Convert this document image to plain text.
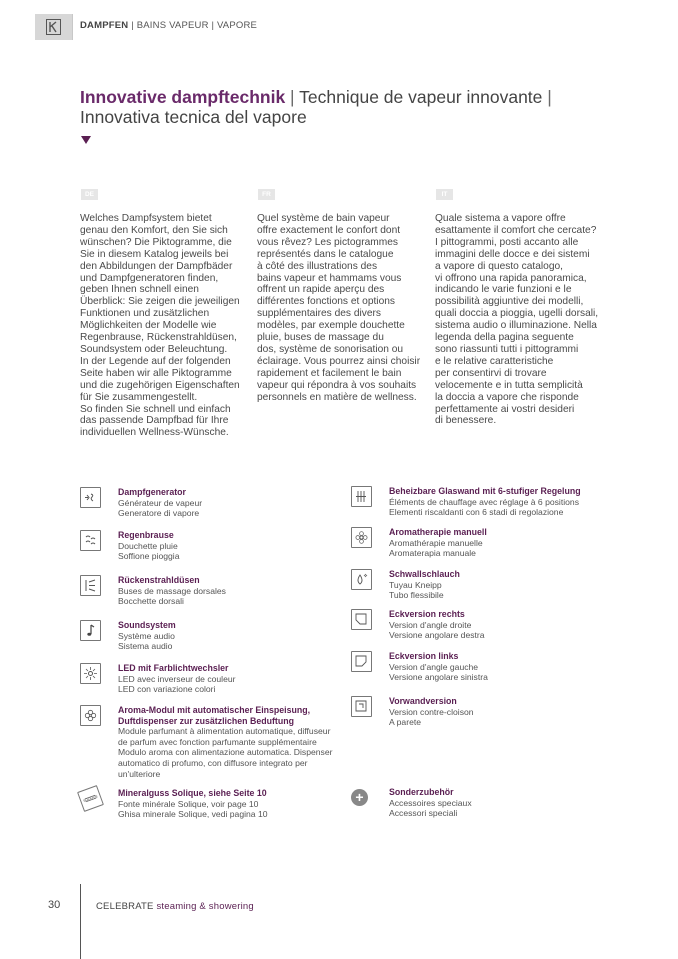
DAMPFEN | BAINS VAPEUR | VAPORE
Innovative dampftechnik | Technique de vapeur innovante |
Innovativa tecnica del vapore
DE	FR	IT

Welches Dampfsystem bietet

genau den Komfort, den Sie sich

wünschen? Die Piktogramme, die

Sie in diesem Katalog jeweils bei

den Abbildungen der Dampfbäder

und Dampfgeneratoren finden,

geben Ihnen schnell einen

Überblick: Sie zeigen die jeweiligen

Funktionen und zusätzlichen

Möglichkeiten der Modelle wie

Regenbrause, Rückenstrahldüsen,

Soundsystem oder Beleuchtung.

In der Legende auf der folgenden

Seite haben wir alle Piktogramme

und die zugehörigen Eigenschaften

für Sie zusammengestellt.

So finden Sie schnell und einfach

das passende Dampfbad für Ihre

individuellen Wellness-Wünsche.

Quel système de bain vapeur

offre exactement le confort dont

vous rêvez? Les pictogrammes

représentés dans le catalogue

à côté des illustrations des

bains vapeur et hammams vous

offrent un rapide aperçu des

différentes fonctions et options

supplémentaires des divers

modèles, par exemple douchette

pluie, buses de massage du

dos, système de sonorisation ou

éclairage. Vous pourrez ainsi choisir

rapidement et facilement le bain

vapeur qui répondra à vos souhaits

personnels en matière de wellness.

Quale sistema a vapore offre

esattamente il comfort che cercate?

I pittogrammi, posti accanto alle

immagini delle docce e dei sistemi

a vapore di questo catalogo,

vi offrono una rapida panoramica,

indicando le varie funzioni e le

possibilità aggiuntive dei modelli,

quali doccia a pioggia, ugelli dorsali,

sistema audio o illuminazione. Nella

legenda della pagina seguente

sono riassunti tutti i pittogrammi

e le relative caratteristiche

per consentirvi di trovare

velocemente e in tutta semplicità

la doccia a vapore che risponde

perfettamente ai vostri desideri

di benessere.

Dampfgenerator
Générateur de vapeur
Generatore di vapore
Regenbrause
Douchette pluie
Soffione pioggia
Rückenstrahldüsen
Buses de massage dorsales
Bocchette dorsali
Soundsystem
Système audio
Sistema audio
LED mit Farblichtwechsler
LED avec inverseur de couleur
LED con variazione colori
Aroma-Modul mit automatischer Einspeisung,
Duftdispenser zur zusätzlichen Beduftung
Module parfumant à alimentation automatique, diffuseur
de parfum avec fonction parfumante supplémentaire
Modulo aroma con alimentazione automatica. Dispenser
automatico di profumo, con diffusore integrato per
un'ulteriore
SOLIQUE
Mineralguss Solique, siehe Seite 10
Fonte minérale Solique, voir page 10
Ghisa minerale Solique, vedi pagina 10
Beheizbare Glaswand mit 6-stufiger Regelung
Éléments de chauffage avec réglage à 6 positions
Elementi riscaldanti con 6 stadi di regolazione
Aromatherapie manuell
Aromathérapie manuelle
Aromaterapia manuale
Schwallschlauch
Tuyau Kneipp
Tubo flessibile
Eckversion rechts
Version d'angle droite
Versione angolare destra
Eckversion links
Version d'angle gauche
Versione angolare sinistra
Vorwandversion
Version contre-cloison
A parete
+	Sonderzubehör
Accessoires speciaux
Accessori speciali
30	CELEBRATE steaming & showering
